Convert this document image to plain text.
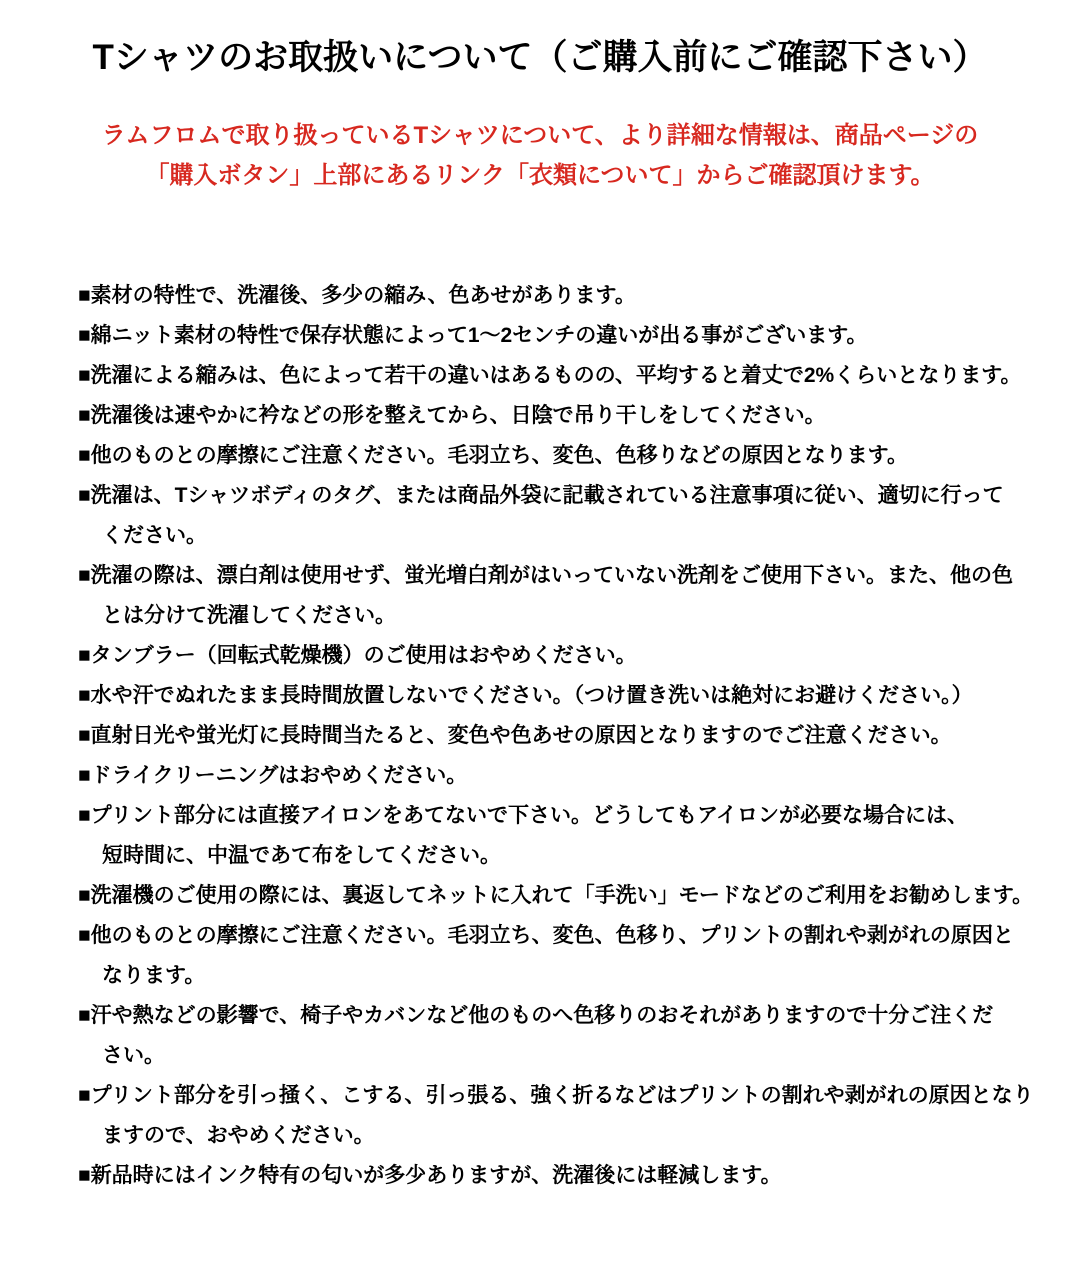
Tシャツのお取扱いについて（ご購入前にご確認下さい）
ラムフロムで取り扱っているTシャツについて、より詳細な情報は、商品ページの
「購入ボタン」上部にあるリンク「衣類について」からご確認頂けます。
■素材の特性で、洗濯後、多少の縮み、色あせがあります。
■綿ニット素材の特性で保存状態によって1～2センチの違いが出る事がございます。
■洗濯による縮みは、色によって若干の違いはあるものの、平均すると着丈で2%くらいとなります。
■洗濯後は速やかに衿などの形を整えてから、日陰で吊り干しをしてください。
■他のものとの摩擦にご注意ください。毛羽立ち、変色、色移りなどの原因となります。
■洗濯は、Tシャツボディのタグ、または商品外袋に記載されている注意事項に従い、適切に行って
ください。
■洗濯の際は、漂白剤は使用せず、蛍光増白剤がはいっていない洗剤をご使用下さい。また、他の色
とは分けて洗濯してください。
■タンブラー（回転式乾燥機）のご使用はおやめください。
■水や汗でぬれたまま長時間放置しないでください。（つけ置き洗いは絶対にお避けください。）
■直射日光や蛍光灯に長時間当たると、変色や色あせの原因となりますのでご注意ください。
■ドライクリーニングはおやめください。
■プリント部分には直接アイロンをあてないで下さい。どうしてもアイロンが必要な場合には、
短時間に、中温であて布をしてください。
■洗濯機のご使用の際には、裏返してネットに入れて「手洗い」モードなどのご利用をお勧めします。
■他のものとの摩擦にご注意ください。毛羽立ち、変色、色移り、プリントの割れや剥がれの原因と
なります。
■汗や熱などの影響で、椅子やカバンなど他のものへ色移りのおそれがありますので十分ご注くだ
さい。
■プリント部分を引っ掻く、こする、引っ張る、強く折るなどはプリントの割れや剥がれの原因となり
ますので、おやめください。
■新品時にはインク特有の匂いが多少ありますが、洗濯後には軽減します。
